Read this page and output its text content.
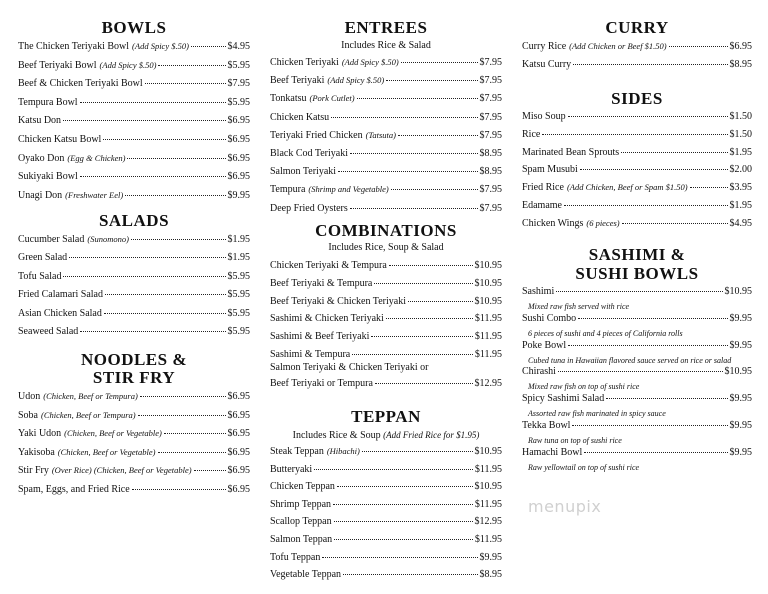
BOWLS
The Chicken Teriyaki Bowl (Add Spicy $.50)	$4.95
Beef Teriyaki Bowl (Add Spicy $.50)	$5.95
Beef & Chicken Teriyaki Bowl	$7.95
Tempura Bowl	$5.95
Katsu Don	$6.95
Chicken Katsu Bowl	$6.95
Oyako Don (Egg & Chicken)	$6.95
Sukiyaki Bowl	$6.95
Unagi Don (Freshwater Eel)	$9.95
SALADS
Cucumber Salad (Sunomono)	$1.95
Green Salad	$1.95
Tofu Salad	$5.95
Fried Calamari Salad	$5.95
Asian Chicken Salad	$5.95
Seaweed Salad	$5.95
NOODLES &
STIR FRY
Udon (Chicken, Beef or Tempura)	$6.95
Soba (Chicken, Beef or Tempura)	$6.95
Yaki Udon (Chicken, Beef or Vegetable)	$6.95
Yakisoba (Chicken, Beef or Vegetable)	$6.95
Stir Fry (Over Rice) (Chicken, Beef or Vegetable)	$6.95
Spam, Eggs, and Fried Rice	$6.95
ENTREES
Includes Rice & Salad
Chicken Teriyaki (Add Spicy $.50)	$7.95
Beef Teriyaki (Add Spicy $.50)	$7.95
Tonkatsu (Pork Cutlet)	$7.95
Chicken Katsu	$7.95
Teriyaki Fried Chicken (Tatsuta)	$7.95
Black Cod Teriyaki	$8.95
Salmon Teriyaki	$8.95
Tempura (Shrimp and Vegetable)	$7.95
Deep Fried Oysters	$7.95
COMBINATIONS
Includes Rice, Soup & Salad
Chicken Teriyaki & Tempura	$10.95
Beef Teriyaki & Tempura	$10.95
Beef Teriyaki & Chicken Teriyaki	$10.95
Sashimi & Chicken Teriyaki	$11.95
Sashimi & Beef Teriyaki	$11.95
Sashimi & Tempura	$11.95
Salmon Teriyaki & Chicken Teriyaki or
Beef Teriyaki or Tempura	$12.95
TEPPAN
Includes Rice & Soup (Add Fried Rice for $1.95)
Steak Teppan (Hibachi)	$10.95
Butteryaki	$11.95
Chicken Teppan	$10.95
Shrimp Teppan	$11.95
Scallop Teppan	$12.95
Salmon Teppan	$11.95
Tofu Teppan	$9.95
Vegetable Teppan	$8.95
CURRY
Curry Rice (Add Chicken or Beef $1.50)	$6.95
Katsu Curry	$8.95
SIDES
Miso Soup	$1.50
Rice	$1.50
Marinated Bean Sprouts	$1.95
Spam Musubi	$2.00
Fried Rice (Add Chicken, Beef or Spam $1.50)	$3.95
Edamame	$1.95
Chicken Wings (6 pieces)	$4.95
SASHIMI &
SUSHI BOWLS
Sashimi	$10.95
Mixed raw fish served with rice
Sushi Combo	$9.95
6 pieces of sushi and 4 pieces of California rolls
Poke Bowl	$9.95
Cubed tuna in Hawaiian flavored sauce served on rice or salad
Chirashi	$10.95
Mixed raw fish on top of sushi rice
Spicy Sashimi Salad	$9.95
Assorted raw fish marinated in spicy sauce
Tekka Bowl	$9.95
Raw tuna on top of sushi rice
Hamachi Bowl	$9.95
Raw yellowtail on top of sushi rice
menupix
